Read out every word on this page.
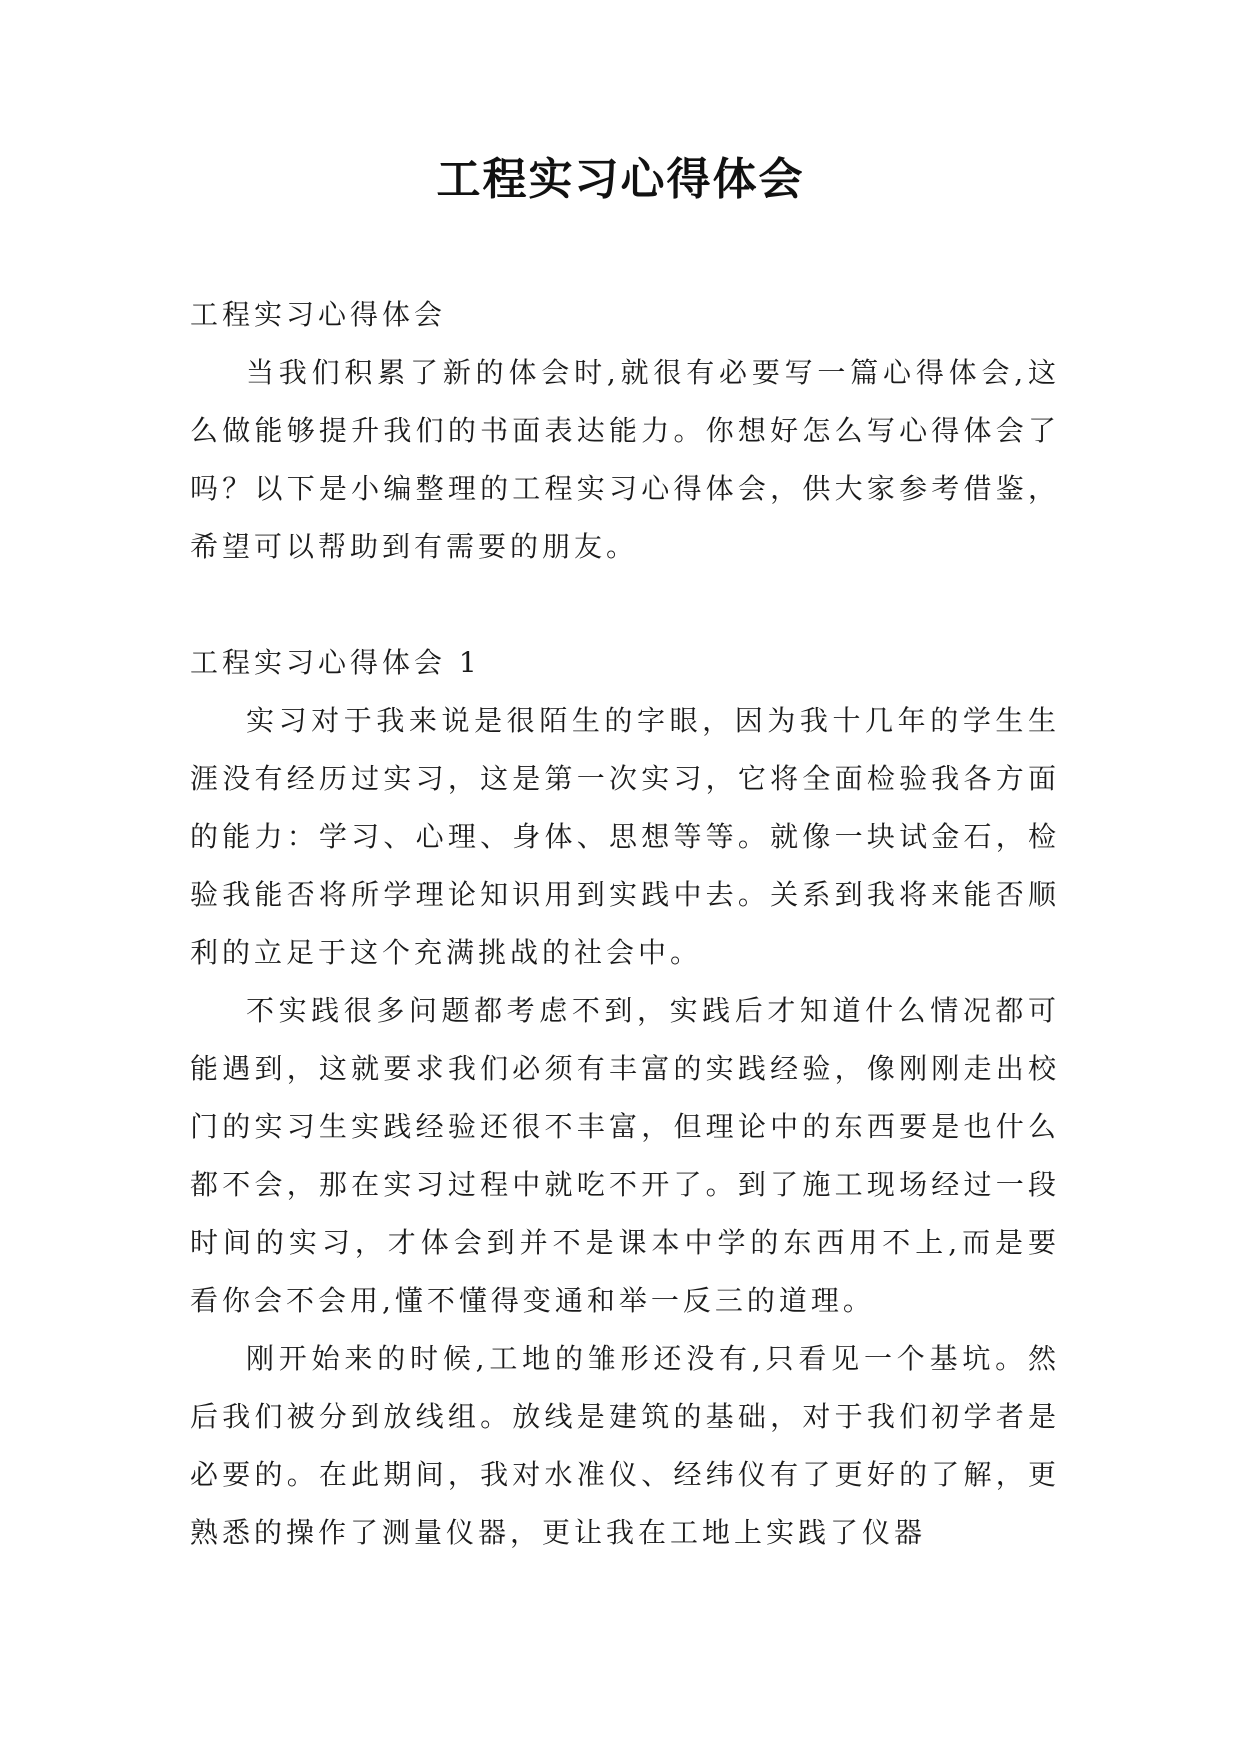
工程实习心得体会

工程实习心得体会

当我们积累了新的体会时,就很有必要写一篇心得体会,这么做能够提升我们的书面表达能力。你想好怎么写心得体会了吗？以下是小编整理的工程实习心得体会，供大家参考借鉴，希望可以帮助到有需要的朋友。

工程实习心得体会 1

实习对于我来说是很陌生的字眼，因为我十几年的学生生涯没有经历过实习，这是第一次实习，它将全面检验我各方面的能力：学习、心理、身体、思想等等。就像一块试金石，检验我能否将所学理论知识用到实践中去。关系到我将来能否顺利的立足于这个充满挑战的社会中。

不实践很多问题都考虑不到，实践后才知道什么情况都可能遇到，这就要求我们必须有丰富的实践经验，像刚刚走出校门的实习生实践经验还很不丰富，但理论中的东西要是也什么都不会，那在实习过程中就吃不开了。到了施工现场经过一段时间的实习，才体会到并不是课本中学的东西用不上,而是要看你会不会用,懂不懂得变通和举一反三的道理。

刚开始来的时候,工地的雏形还没有,只看见一个基坑。然后我们被分到放线组。放线是建筑的基础，对于我们初学者是必要的。在此期间，我对水准仪、经纬仪有了更好的了解，更熟悉的操作了测量仪器，更让我在工地上实践了仪器
